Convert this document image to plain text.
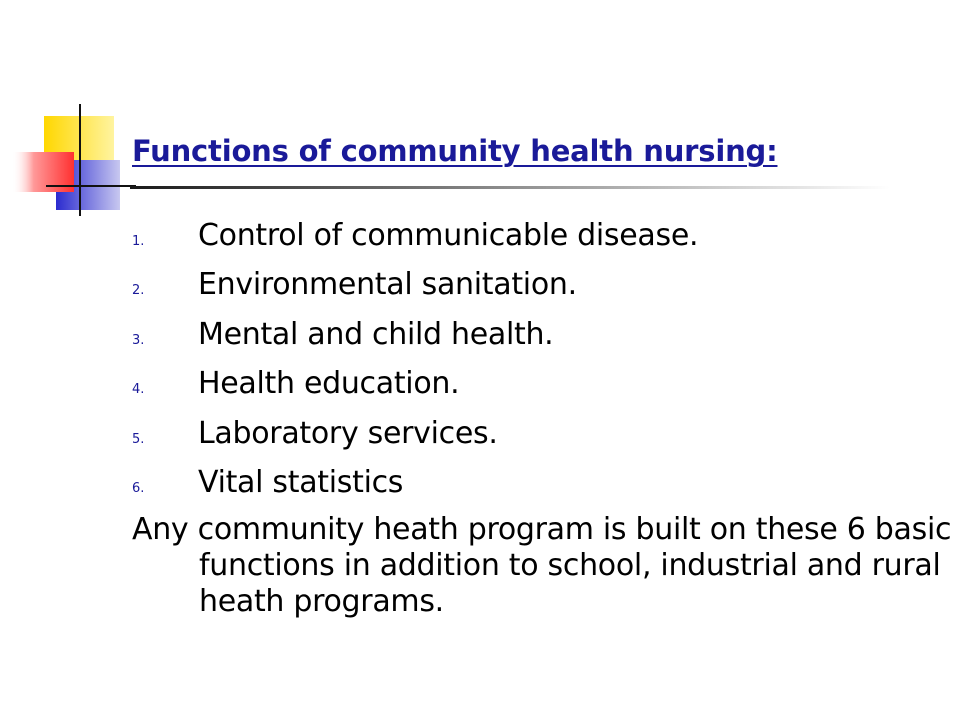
Functions of community health nursing:
1.	Control of communicable disease.
2.	Environmental sanitation.
3.	Mental and child health.
4.	Health education.
5.	Laboratory services.
6.	Vital statistics

Any community heath program is built on these 6 basic functions in addition to school, industrial and rural heath programs.
